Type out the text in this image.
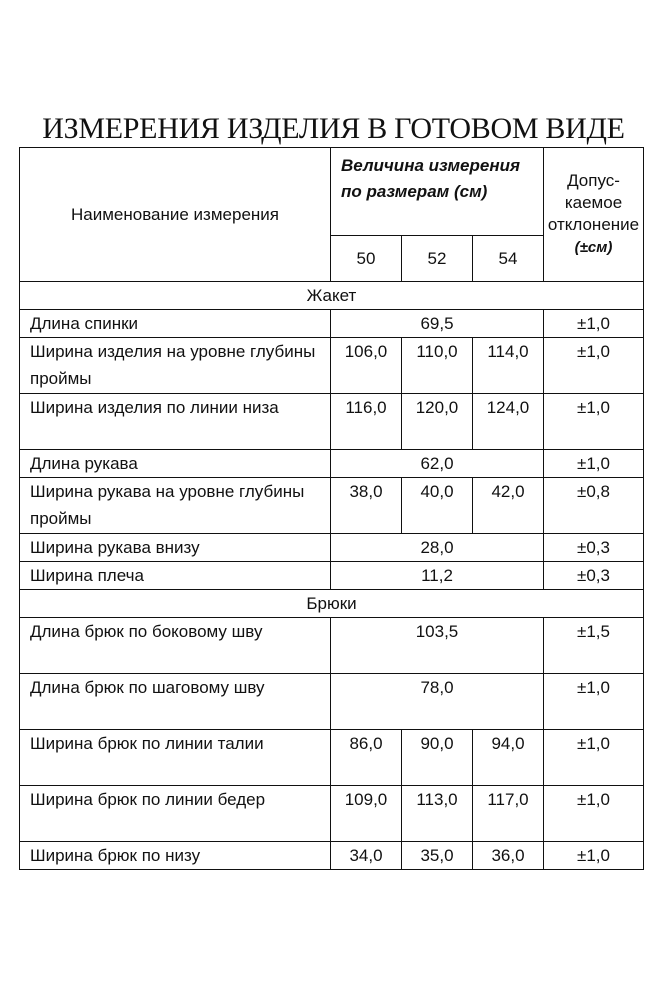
ИЗМЕРЕНИЯ ИЗДЕЛИЯ В ГОТОВОМ ВИДЕ
Наименование измерения	Величина измерения по размерам (см)			Допус-каемое отклонение
(±см)
	50	52	54	
Жакет				
Длина спинки	69,5			±1,0
Ширина изделия на уровне глубины проймы	106,0	110,0	114,0	±1,0
Ширина изделия по линии низа	116,0	120,0	124,0	±1,0
Длина рукава	62,0			±1,0
Ширина рукава на уровне глубины проймы	38,0	40,0	42,0	±0,8
Ширина рукава внизу	28,0			±0,3
Ширина плеча	11,2			±0,3
Брюки				
Длина брюк по боковому шву	103,5			±1,5
Длина брюк по шаговому шву	78,0			±1,0
Ширина брюк по линии талии	86,0	90,0	94,0	±1,0
Ширина брюк по линии бедер	109,0	113,0	117,0	±1,0
Ширина брюк по низу	34,0	35,0	36,0	±1,0
